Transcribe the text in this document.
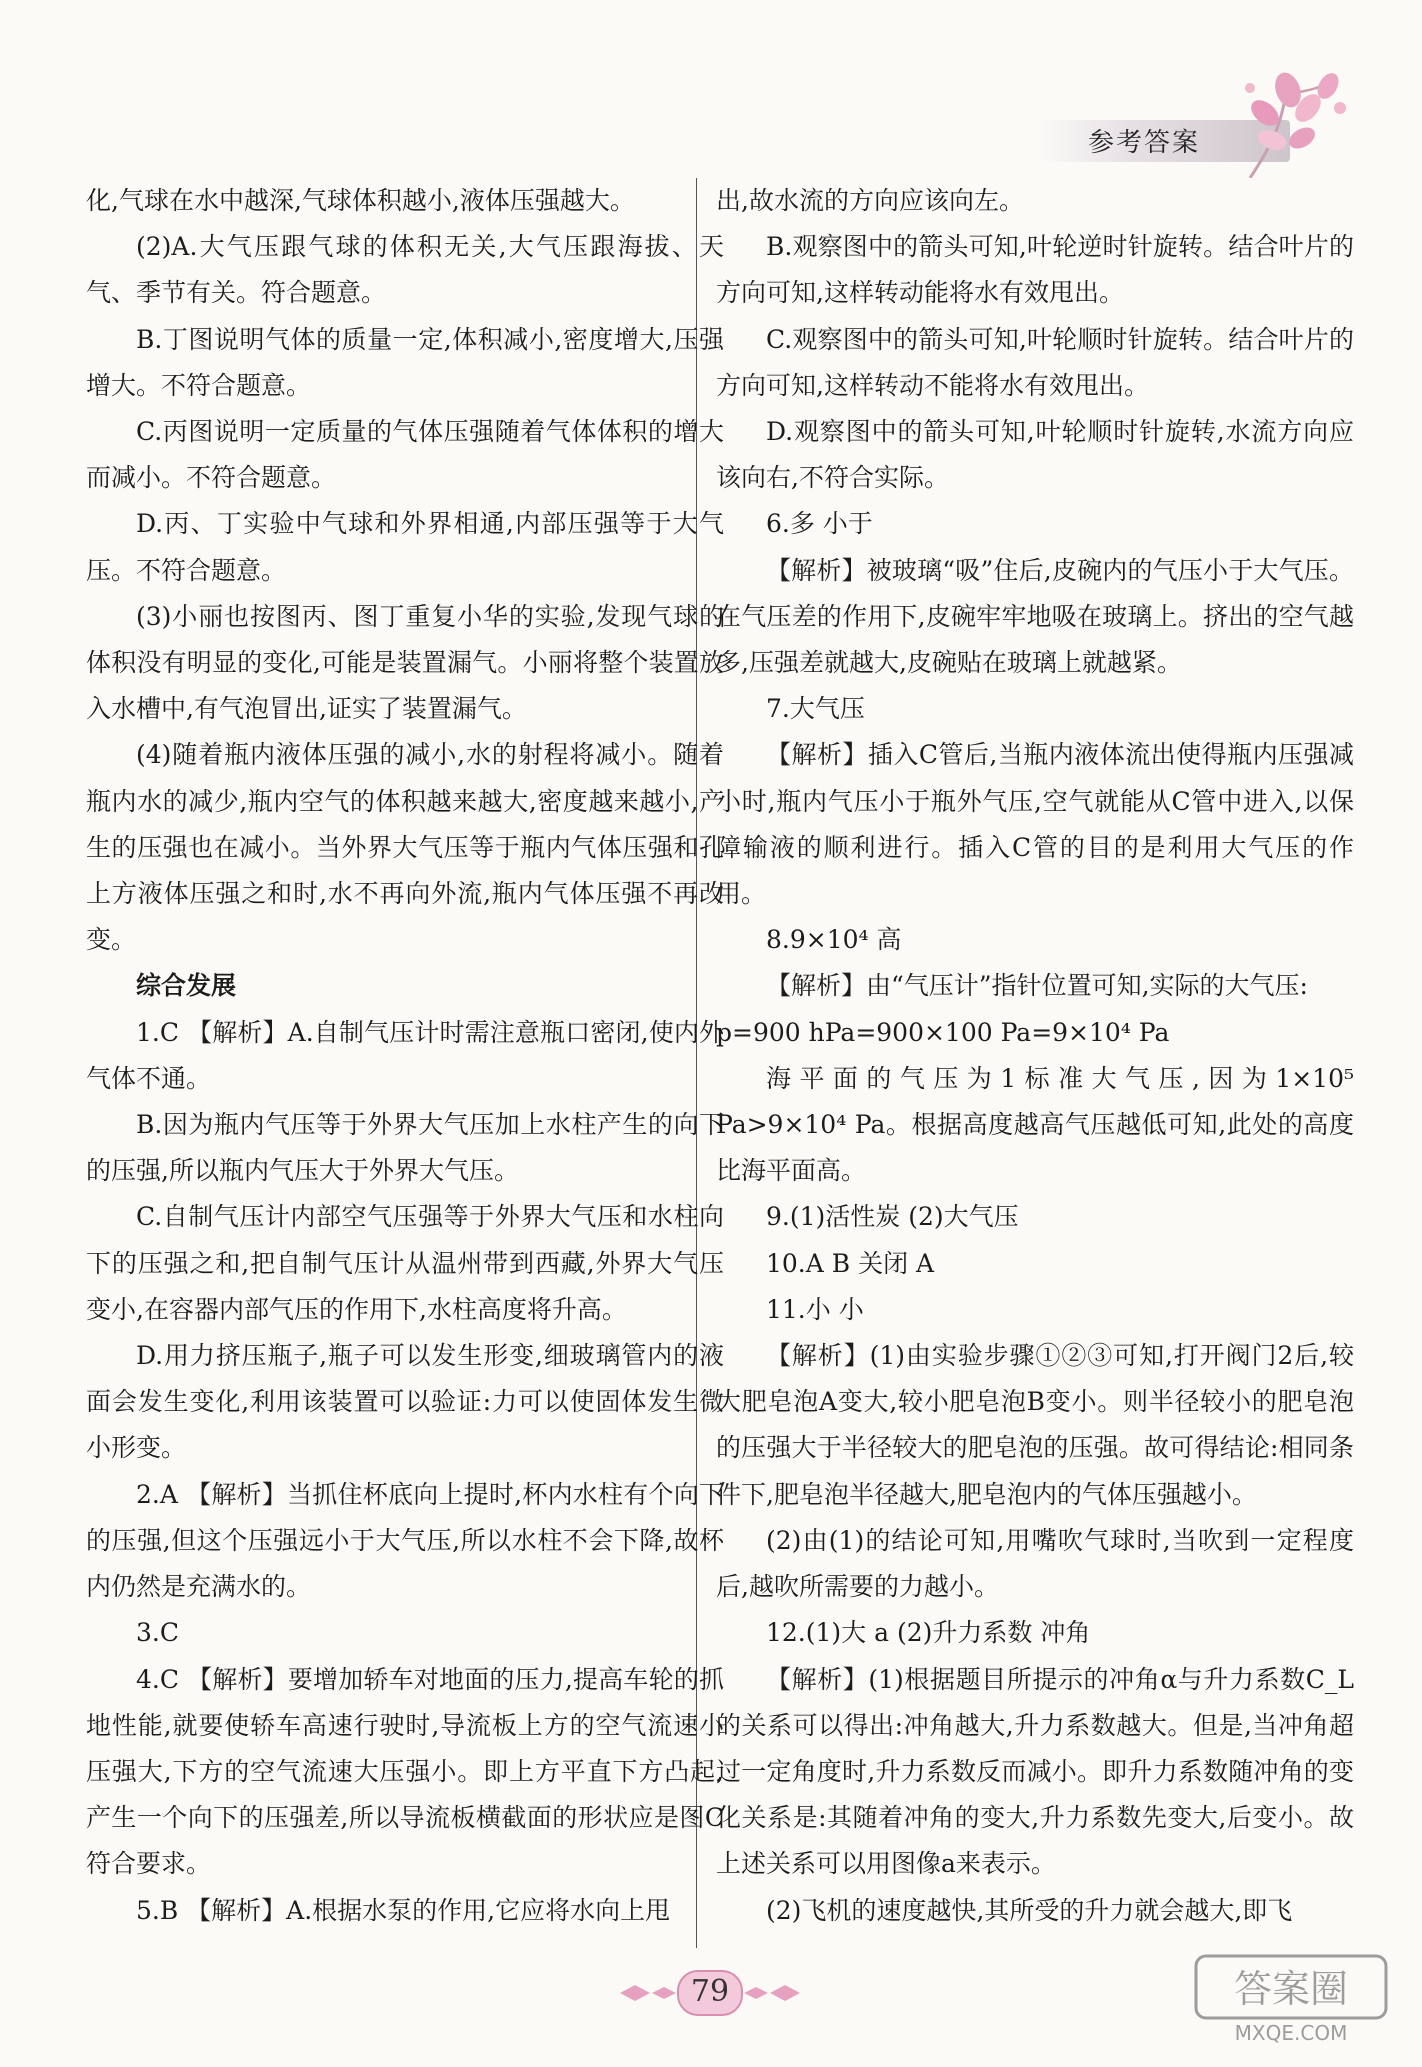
参考答案

化,气球在水中越深,气球体积越小,液体压强越大。

(2)A.大气压跟气球的体积无关,大气压跟海拔、天气、季节有关。符合题意。

B.丁图说明气体的质量一定,体积减小,密度增大,压强增大。不符合题意。

C.丙图说明一定质量的气体压强随着气体体积的增大而减小。不符合题意。

D.丙、丁实验中气球和外界相通,内部压强等于大气压。不符合题意。

(3)小丽也按图丙、图丁重复小华的实验,发现气球的体积没有明显的变化,可能是装置漏气。小丽将整个装置放入水槽中,有气泡冒出,证实了装置漏气。

(4)随着瓶内液体压强的减小,水的射程将减小。随着瓶内水的减少,瓶内空气的体积越来越大,密度越来越小,产生的压强也在减小。当外界大气压等于瓶内气体压强和孔上方液体压强之和时,水不再向外流,瓶内气体压强不再改变。

综合发展

1.C 【解析】A.自制气压计时需注意瓶口密闭,使内外气体不通。

B.因为瓶内气压等于外界大气压加上水柱产生的向下的压强,所以瓶内气压大于外界大气压。

C.自制气压计内部空气压强等于外界大气压和水柱向下的压强之和,把自制气压计从温州带到西藏,外界大气压变小,在容器内部气压的作用下,水柱高度将升高。

D.用力挤压瓶子,瓶子可以发生形变,细玻璃管内的液面会发生变化,利用该装置可以验证:力可以使固体发生微小形变。

2.A 【解析】当抓住杯底向上提时,杯内水柱有个向下的压强,但这个压强远小于大气压,所以水柱不会下降,故杯内仍然是充满水的。

3.C

4.C 【解析】要增加轿车对地面的压力,提高车轮的抓地性能,就要使轿车高速行驶时,导流板上方的空气流速小压强大,下方的空气流速大压强小。即上方平直下方凸起,产生一个向下的压强差,所以导流板横截面的形状应是图C符合要求。

5.B 【解析】A.根据水泵的作用,它应将水向上甩

出,故水流的方向应该向左。

B.观察图中的箭头可知,叶轮逆时针旋转。结合叶片的方向可知,这样转动能将水有效甩出。

C.观察图中的箭头可知,叶轮顺时针旋转。结合叶片的方向可知,这样转动不能将水有效甩出。

D.观察图中的箭头可知,叶轮顺时针旋转,水流方向应该向右,不符合实际。

6.多 小于

【解析】被玻璃“吸”住后,皮碗内的气压小于大气压。在气压差的作用下,皮碗牢牢地吸在玻璃上。挤出的空气越多,压强差就越大,皮碗贴在玻璃上就越紧。

7.大气压

【解析】插入C管后,当瓶内液体流出使得瓶内压强减小时,瓶内气压小于瓶外气压,空气就能从C管中进入,以保障输液的顺利进行。插入C管的目的是利用大气压的作用。

8.9×10⁴ 高

【解析】由“气压计”指针位置可知,实际的大气压:

p=900 hPa=900×100 Pa=9×10⁴ Pa

海平面的气压为1标准大气压,因为1×10⁵ Pa>9×10⁴ Pa。根据高度越高气压越低可知,此处的高度比海平面高。

9.(1)活性炭 (2)大气压

10.A B 关闭 A

11.小 小

【解析】(1)由实验步骤①②③可知,打开阀门2后,较大肥皂泡A变大,较小肥皂泡B变小。则半径较小的肥皂泡的压强大于半径较大的肥皂泡的压强。故可得结论:相同条件下,肥皂泡半径越大,肥皂泡内的气体压强越小。

(2)由(1)的结论可知,用嘴吹气球时,当吹到一定程度后,越吹所需要的力越小。

12.(1)大 a (2)升力系数 冲角

【解析】(1)根据题目所提示的冲角α与升力系数C_L的关系可以得出:冲角越大,升力系数越大。但是,当冲角超过一定角度时,升力系数反而减小。即升力系数随冲角的变化关系是:其随着冲角的变大,升力系数先变大,后变小。故上述关系可以用图像a来表示。

(2)飞机的速度越快,其所受的升力就会越大,即飞

79	答案圈
MXQE.COM
